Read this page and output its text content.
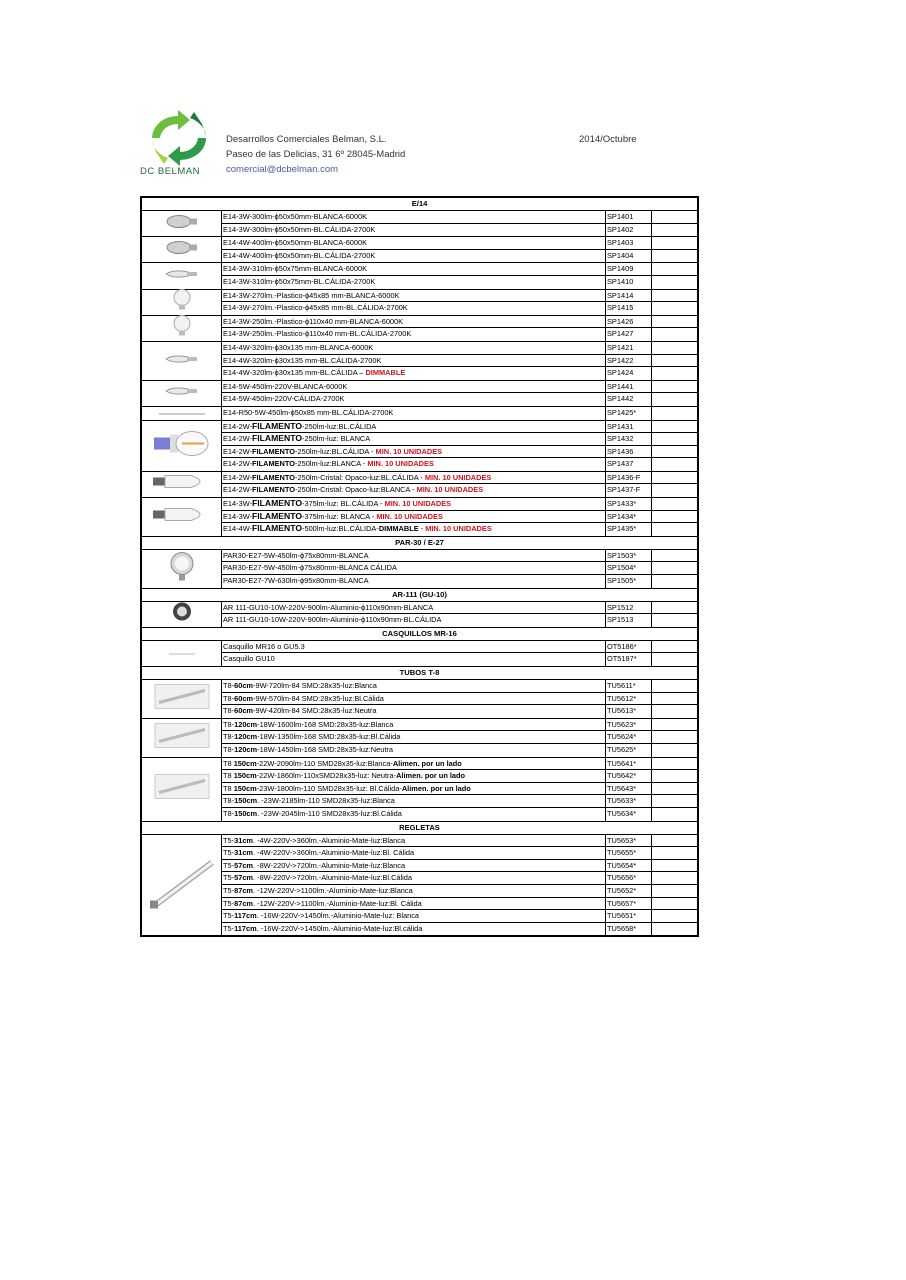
DC BELMAN
Desarrollos Comerciales Belman, S.L.
Paseo de las Delicias, 31 6º 28045-Madrid
comercial@dcbelman.com
2014/Octubre
E/14
E14-3W-300lm-ϕ50x50mm-BLANCA-6000K	SP1401
E14-3W-300lm-ϕ50x50mm-BL.CÁLIDA-2700K	SP1402
E14-4W-400lm-ϕ50x50mm-BLANCA-6000K	SP1403
E14-4W-400lm-ϕ50x50mm-BL.CÁLIDA-2700K	SP1404
E14-3W-310lm-ϕ50x75mm-BLANCA-6000K	SP1409
E14-3W-310lm-ϕ50x75mm-BL.CÁLIDA-2700K	SP1410
E14-3W-270lm.-Plastico-ϕ45x85 mm-BLANCA-6000K	SP1414
E14-3W-270lm.-Plastico-ϕ45x85 mm-BL.CÁLIDA-2700K	SP1415
E14-3W-250lm.-Plastico-ϕ110x40 mm-BLANCA-6000K	SP1426
E14-3W-250lm.-Plastico-ϕ110x40 mm-BL.CÁLIDA-2700K	SP1427
E14-4W-320lm-ϕ30x135 mm-BLANCA-6000K	SP1421
E14-4W-320lm-ϕ30x135 mm-BL.CÁLIDA-2700K	SP1422
E14-4W-320lm-ϕ30x135 mm-BL.CÁLIDA – DIMMABLE	SP1424
E14-5W-450lm-220V-BLANCA-6000K	SP1441
E14-5W-450lm-220V-CÁLIDA-2700K	SP1442
E14-R50-5W-450lm-ϕ50x85 mm-BL.CÁLIDA-2700K	SP1425*
E14-2W-FILAMENTO-250lm-luz:BL.CÁLIDA	SP1431
E14-2W-FILAMENTO-250lm-luz: BLANCA	SP1432
E14-2W-FILAMENTO-250lm-luz:BL.CÁLIDA - MIN. 10 UNIDADES	SP1436
E14-2W-FILAMENTO-250lm-luz:BLANCA - MIN. 10 UNIDADES	SP1437
E14-2W-FILAMENTO-250lm-Cristal: Opaco-luz:BL.CÁLIDA - MIN. 10 UNIDADES	SP1436-F
E14-2W-FILAMENTO-250lm-Cristal: Opaco-luz:BLANCA - MIN. 10 UNIDADES	SP1437-F
E14-3W-FILAMENTO-375lm-luz: BL.CÁLIDA - MIN. 10 UNIDADES	SP1433*
E14-3W-FILAMENTO-375lm-luz: BLANCA - MIN. 10 UNIDADES	SP1434*
E14-4W-FILAMENTO-500lm-luz:BL.CÁLIDA-DIMMABLE - MIN. 10 UNIDADES	SP1435*
PAR-30 / E-27
PAR30-E27-5W-450lm-ϕ75x80mm-BLANCA	SP1503*
PAR30-E27-5W-450lm-ϕ75x80mm-BLANCA CÁLIDA	SP1504*
PAR30-E27-7W-630lm-ϕ95x80mm-BLANCA	SP1505*
AR-111 (GU-10)
AR 111-GU10-10W-220V-900lm-Aluminio-ϕ110x90mm-BLANCA	SP1512
AR 111-GU10-10W-220V-900lm-Aluminio-ϕ110x90mm-BL.CÁLIDA	SP1513
CASQUILLOS MR-16
Casquillo MR16 o GU5.3	OT5186*
Casquillo GU10	OT5187*
TUBOS T-8
T8-60cm-9W-720lm-84 SMD:28x35-luz:Blanca	TU5611*
T8-60cm-9W-570lm-84 SMD:28x35-luz:Bl.Cálida	TU5612*
T8-60cm-9W-420lm-84 SMD:28x35-luz:Neutra	TU5613*
T8-120cm-18W-1600lm-168 SMD:28x35-luz:Blanca	TU5623*
T8-120cm-18W-1350lm-168 SMD:28x35-luz:Bl.Cálida	TU5624*
T8-120cm-18W-1450lm-168 SMD:28x35-luz:Neutra	TU5625*
T8 150cm-22W-2090lm-110 SMD28x35-luz:Blanca-Alimen. por un lado	TU5641*
T8 150cm-22W-1860lm-110xSMD28x35-luz: Neutra-Alimen. por un lado	TU5642*
T8 150cm-23W-1800lm-110 SMD28x35-luz: Bl.Cálida-Alimen. por un lado	TU5643*
T8-150cm. -23W-2185lm-110 SMD28x35-luz:Blanca	TU5633*
T8-150cm. -23W-2045lm-110 SMD28x35-luz:Bl.Cálida	TU5634*
REGLETAS
T5-31cm. -4W-220V->360lm.-Aluminio-Mate-luz:Blanca	TU5653*
T5-31cm. -4W-220V->360lm.-Aluminio-Mate-luz:Bl. Cálida	TU5655*
T5-57cm. -8W-220V->720lm.-Aluminio-Mate-luz:Blanca	TU5654*
T5-57cm. -8W-220V->720lm.-Aluminio-Mate-luz:Bl.Cálida	TU5656*
T5-87cm. -12W-220V->1100lm.-Aluminio-Mate-luz:Blanca	TU5652*
T5-87cm. -12W-220V->1100lm.-Aluminio-Mate-luz:Bl. Cálida	TU5657*
T5-117cm. -16W-220V->1450lm.-Aluminio-Mate-luz: Blanca	TU5651*
T5-117cm. -16W-220V->1450lm.-Aluminio-Mate-luz:Bl.cálida	TU5658*
